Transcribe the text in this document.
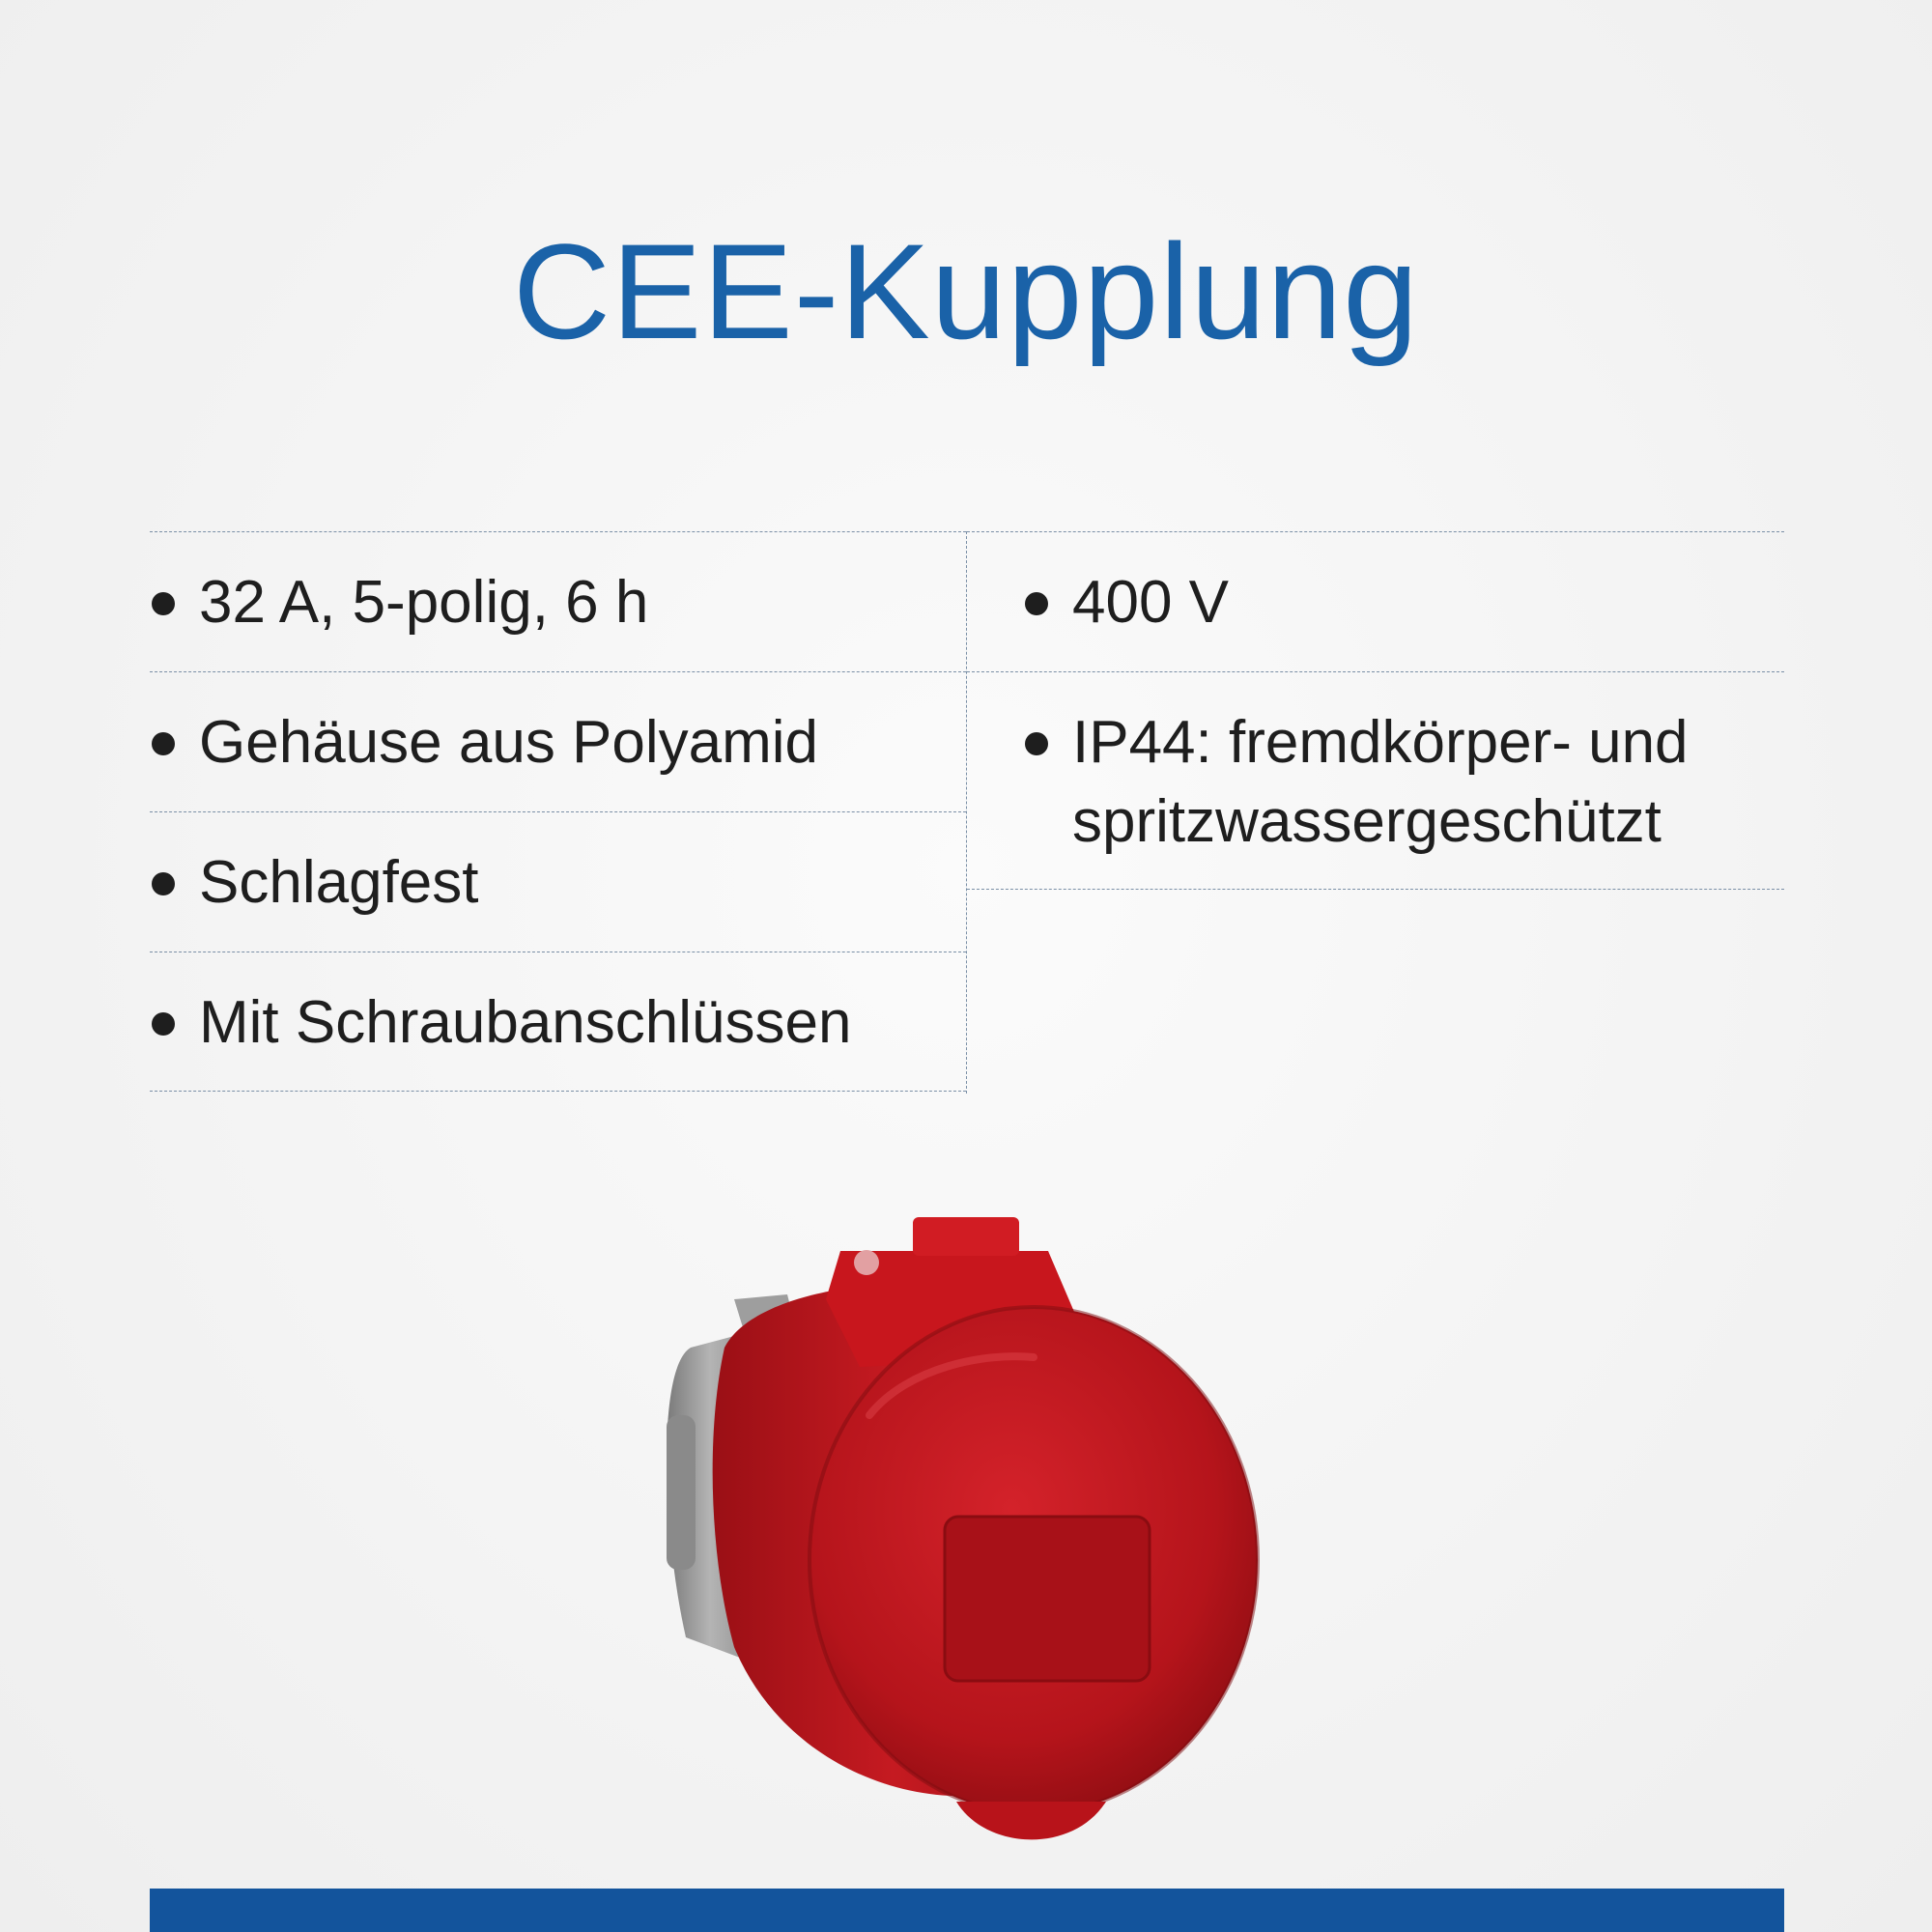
CEE-Kupplung
32 A, 5-polig, 6 h
Gehäuse aus Polyamid
Schlagfest
Mit Schraubanschlüssen
400 V
IP44: fremdkörper- und spritzwassergeschützt
